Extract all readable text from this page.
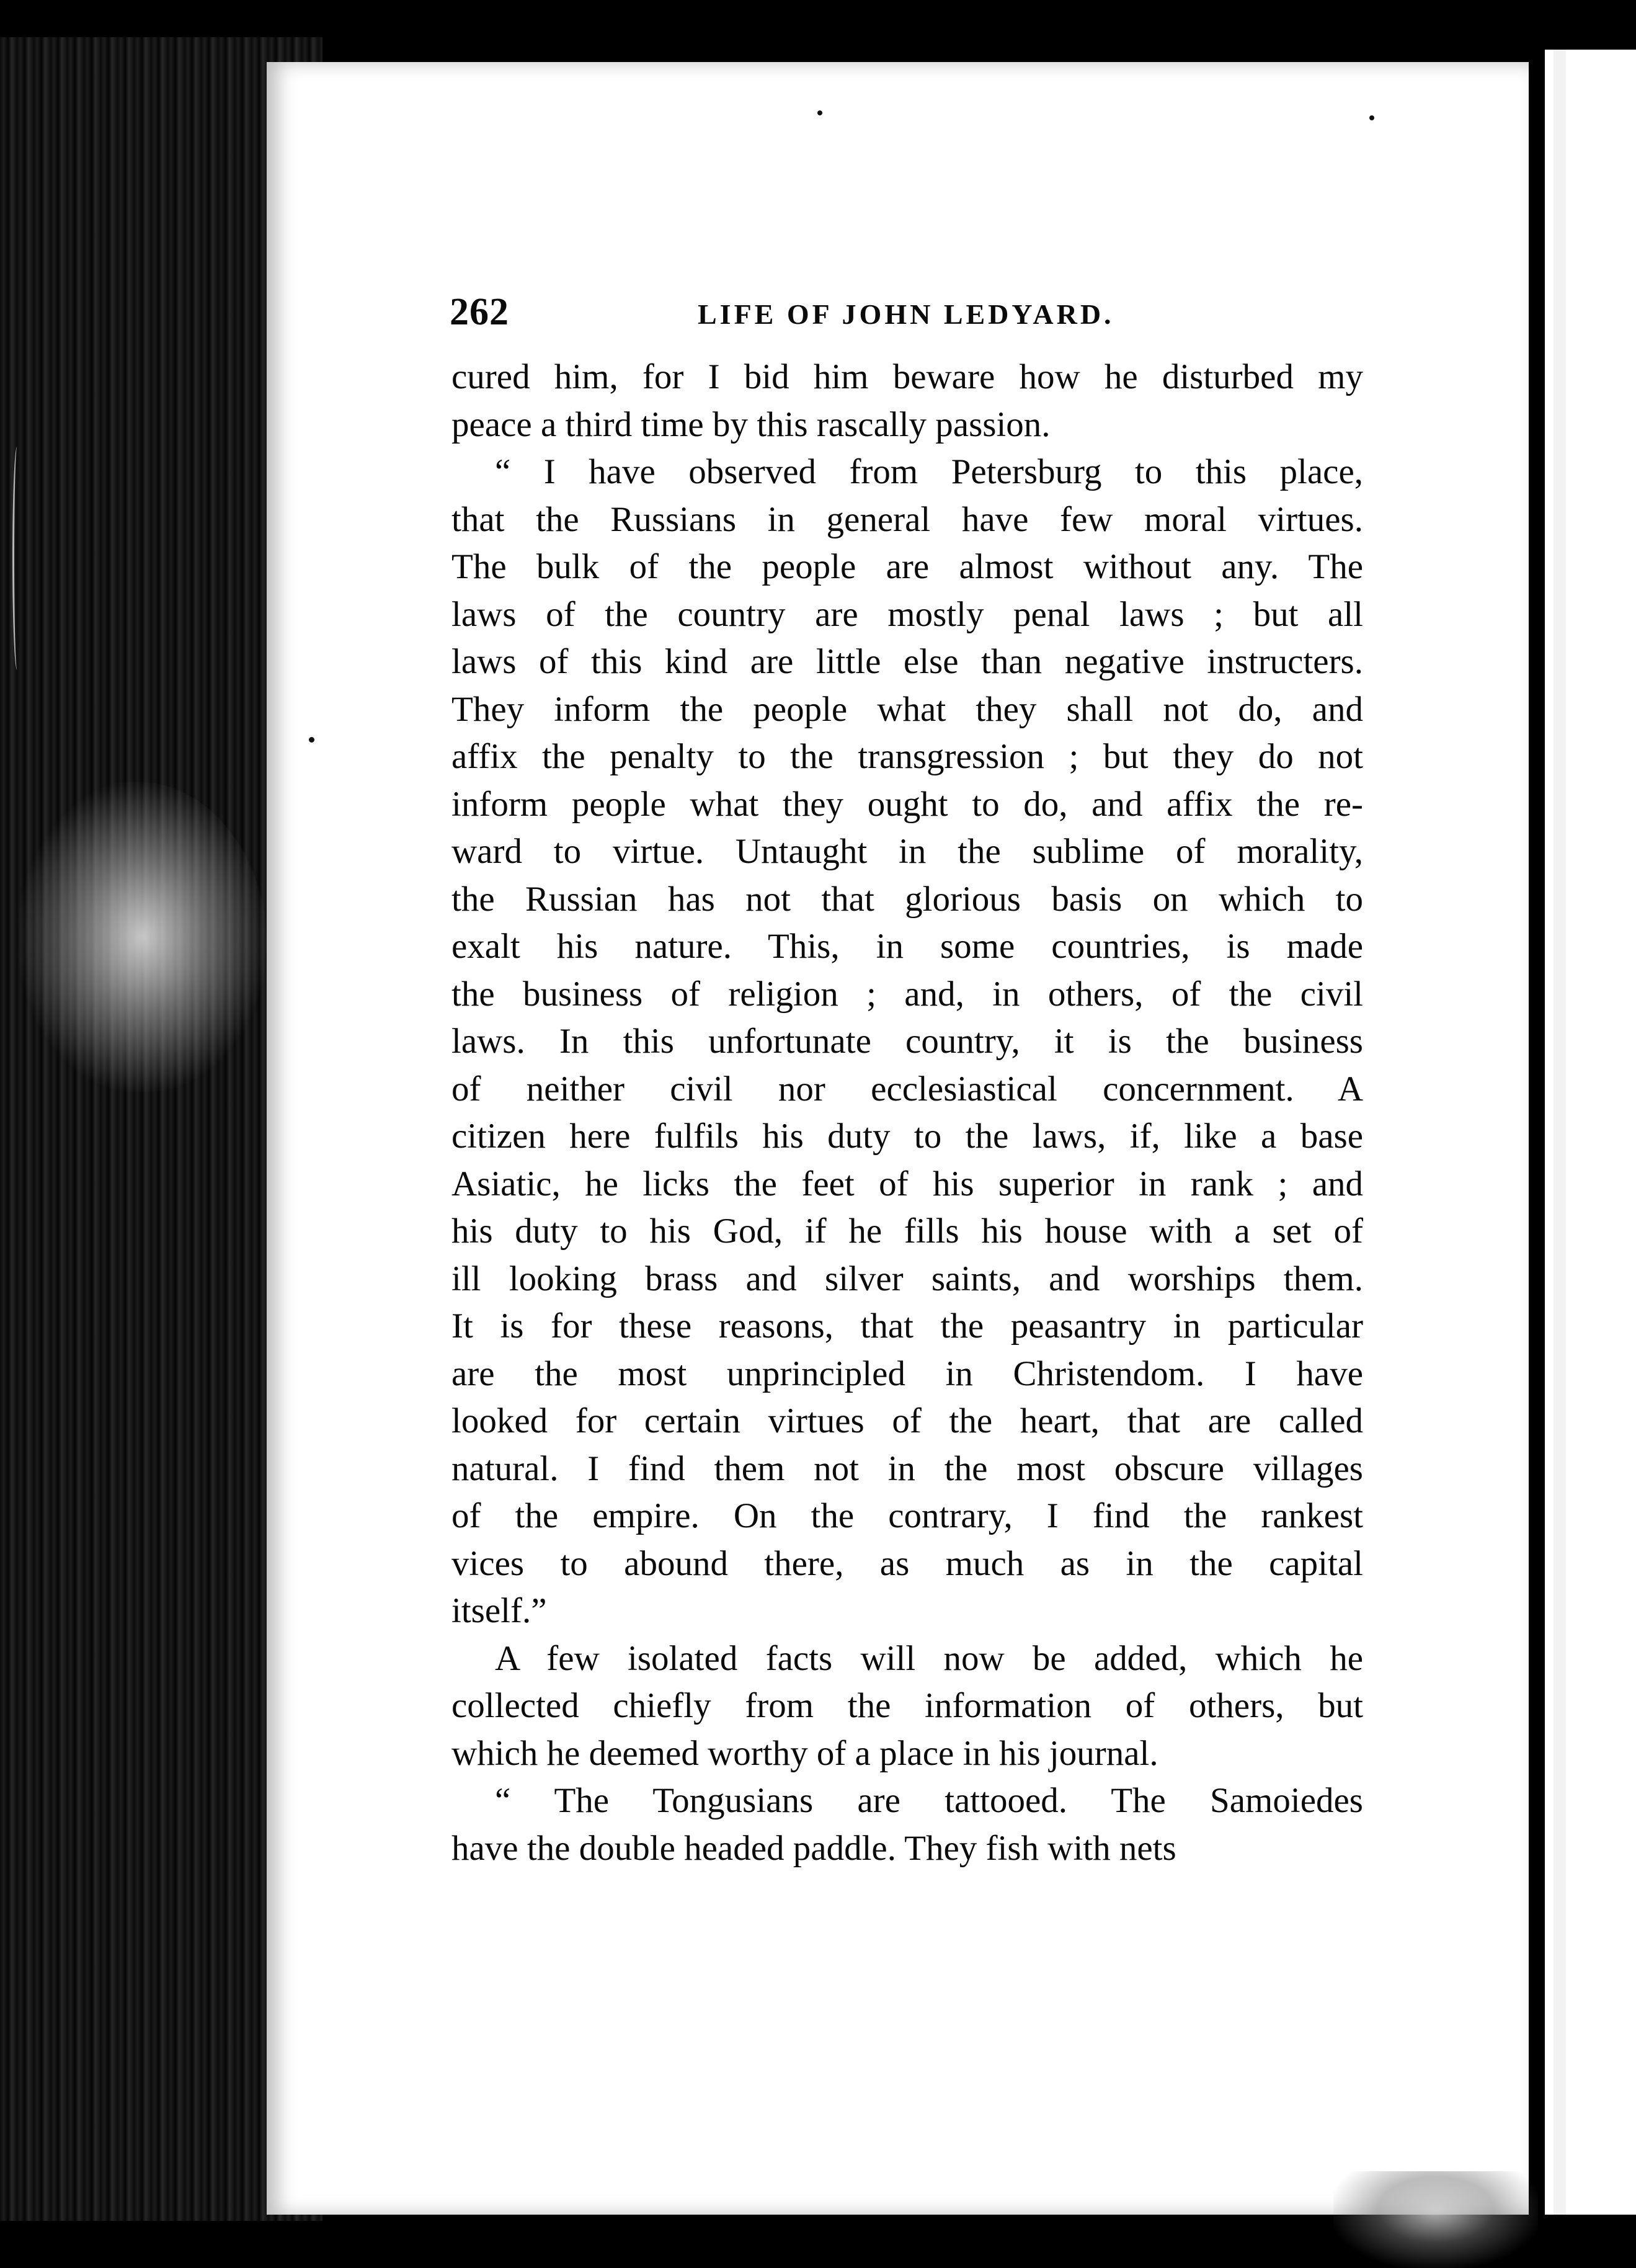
262	LIFE OF JOHN LEDYARD.

cured him, for I bid him beware how he disturbed my
peace a third time by this rascally passion.

“ I have observed from Petersburg to this place,
that the Russians in general have few moral virtues.
The bulk of the people are almost without any. The
laws of the country are mostly penal laws ; but all
laws of this kind are little else than negative instructers.
They inform the people what they shall not do, and
affix the penalty to the transgression ; but they do not
inform people what they ought to do, and affix the re-
ward to virtue. Untaught in the sublime of morality,
the Russian has not that glorious basis on which to
exalt his nature. This, in some countries, is made
the business of religion ; and, in others, of the civil
laws. In this unfortunate country, it is the business
of neither civil nor ecclesiastical concernment. A
citizen here fulfils his duty to the laws, if, like a base
Asiatic, he licks the feet of his superior in rank ; and
his duty to his God, if he fills his house with a set of
ill looking brass and silver saints, and worships them.
It is for these reasons, that the peasantry in particular
are the most unprincipled in Christendom. I have
looked for certain virtues of the heart, that are called
natural. I find them not in the most obscure villages
of the empire. On the contrary, I find the rankest
vices to abound there, as much as in the capital
itself.”

A few isolated facts will now be added, which he
collected chiefly from the information of others, but
which he deemed worthy of a place in his journal.

“ The Tongusians are tattooed. The Samoiedes
have the double headed paddle. They fish with nets
